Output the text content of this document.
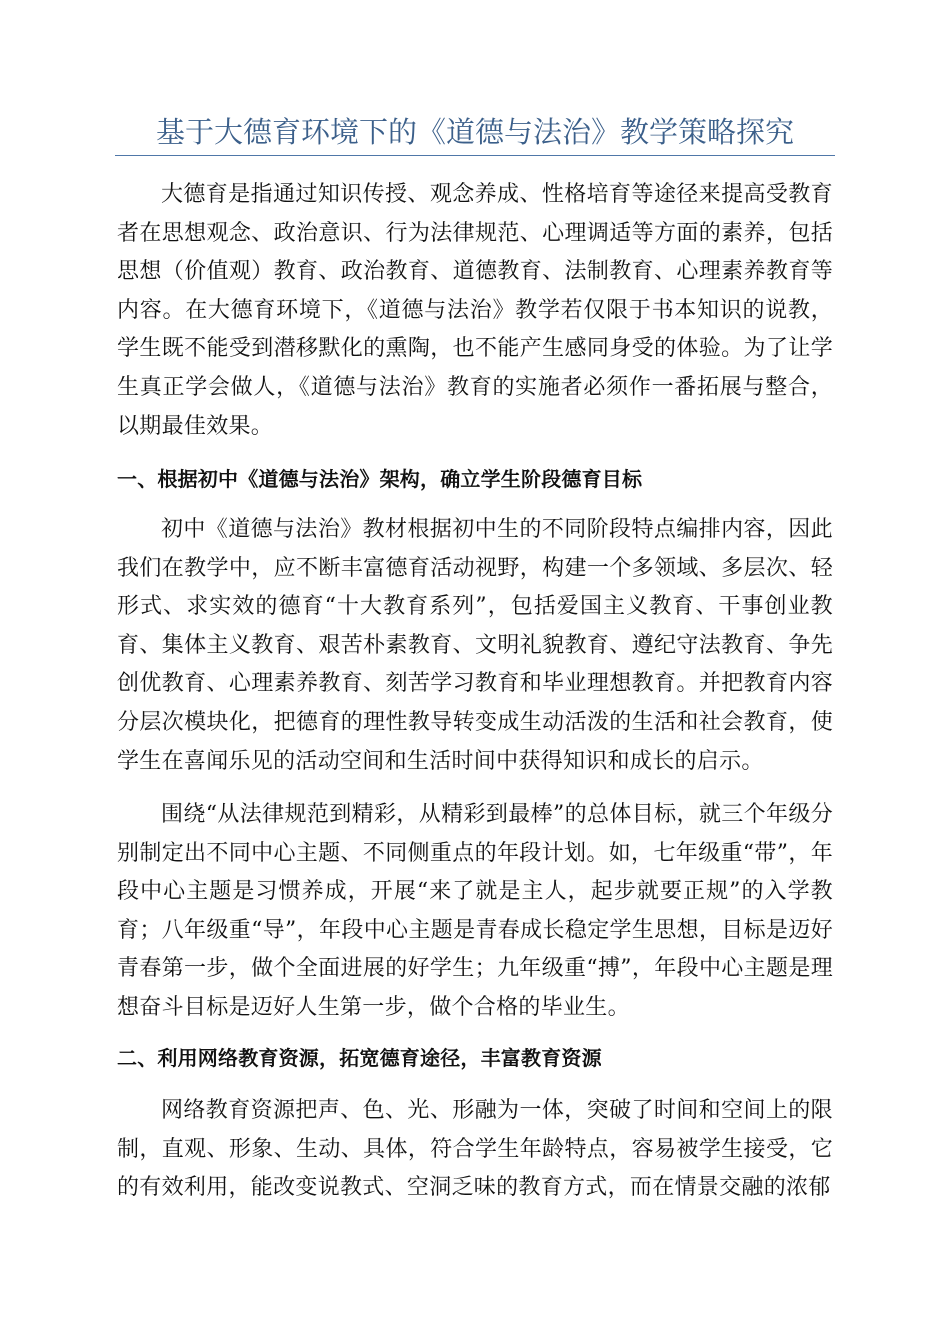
基于大德育环境下的《道德与法治》教学策略探究

大德育是指通过知识传授、观念养成、性格培育等途径来提高受教育者在思想观念、政治意识、行为法律规范、心理调适等方面的素养，包括思想（价值观）教育、政治教育、道德教育、法制教育、心理素养教育等内容。在大德育环境下，《道德与法治》教学若仅限于书本知识的说教，学生既不能受到潜移默化的熏陶，也不能产生感同身受的体验。为了让学生真正学会做人，《道德与法治》教育的实施者必须作一番拓展与整合，以期最佳效果。

一、根据初中《道德与法治》架构，确立学生阶段德育目标

初中《道德与法治》教材根据初中生的不同阶段特点编排内容，因此我们在教学中，应不断丰富德育活动视野，构建一个多领域、多层次、轻形式、求实效的德育“十大教育系列”，包括爱国主义教育、干事创业教育、集体主义教育、艰苦朴素教育、文明礼貌教育、遵纪守法教育、争先创优教育、心理素养教育、刻苦学习教育和毕业理想教育。并把教育内容分层次模块化，把德育的理性教导转变成生动活泼的生活和社会教育，使学生在喜闻乐见的活动空间和生活时间中获得知识和成长的启示。

围绕“从法律规范到精彩，从精彩到最棒”的总体目标，就三个年级分别制定出不同中心主题、不同侧重点的年段计划。如，七年级重“带”，年段中心主题是习惯养成，开展“来了就是主人，起步就要正规”的入学教育；八年级重“导”，年段中心主题是青春成长稳定学生思想，目标是迈好青春第一步，做个全面进展的好学生；九年级重“搏”，年段中心主题是理想奋斗目标是迈好人生第一步，做个合格的毕业生。

二、利用网络教育资源，拓宽德育途径，丰富教育资源

网络教育资源把声、色、光、形融为一体，突破了时间和空间上的限制，直观、形象、生动、具体，符合学生年龄特点，容易被学生接受，它的有效利用，能改变说教式、空洞乏味的教育方式，而在情景交融的浓郁
